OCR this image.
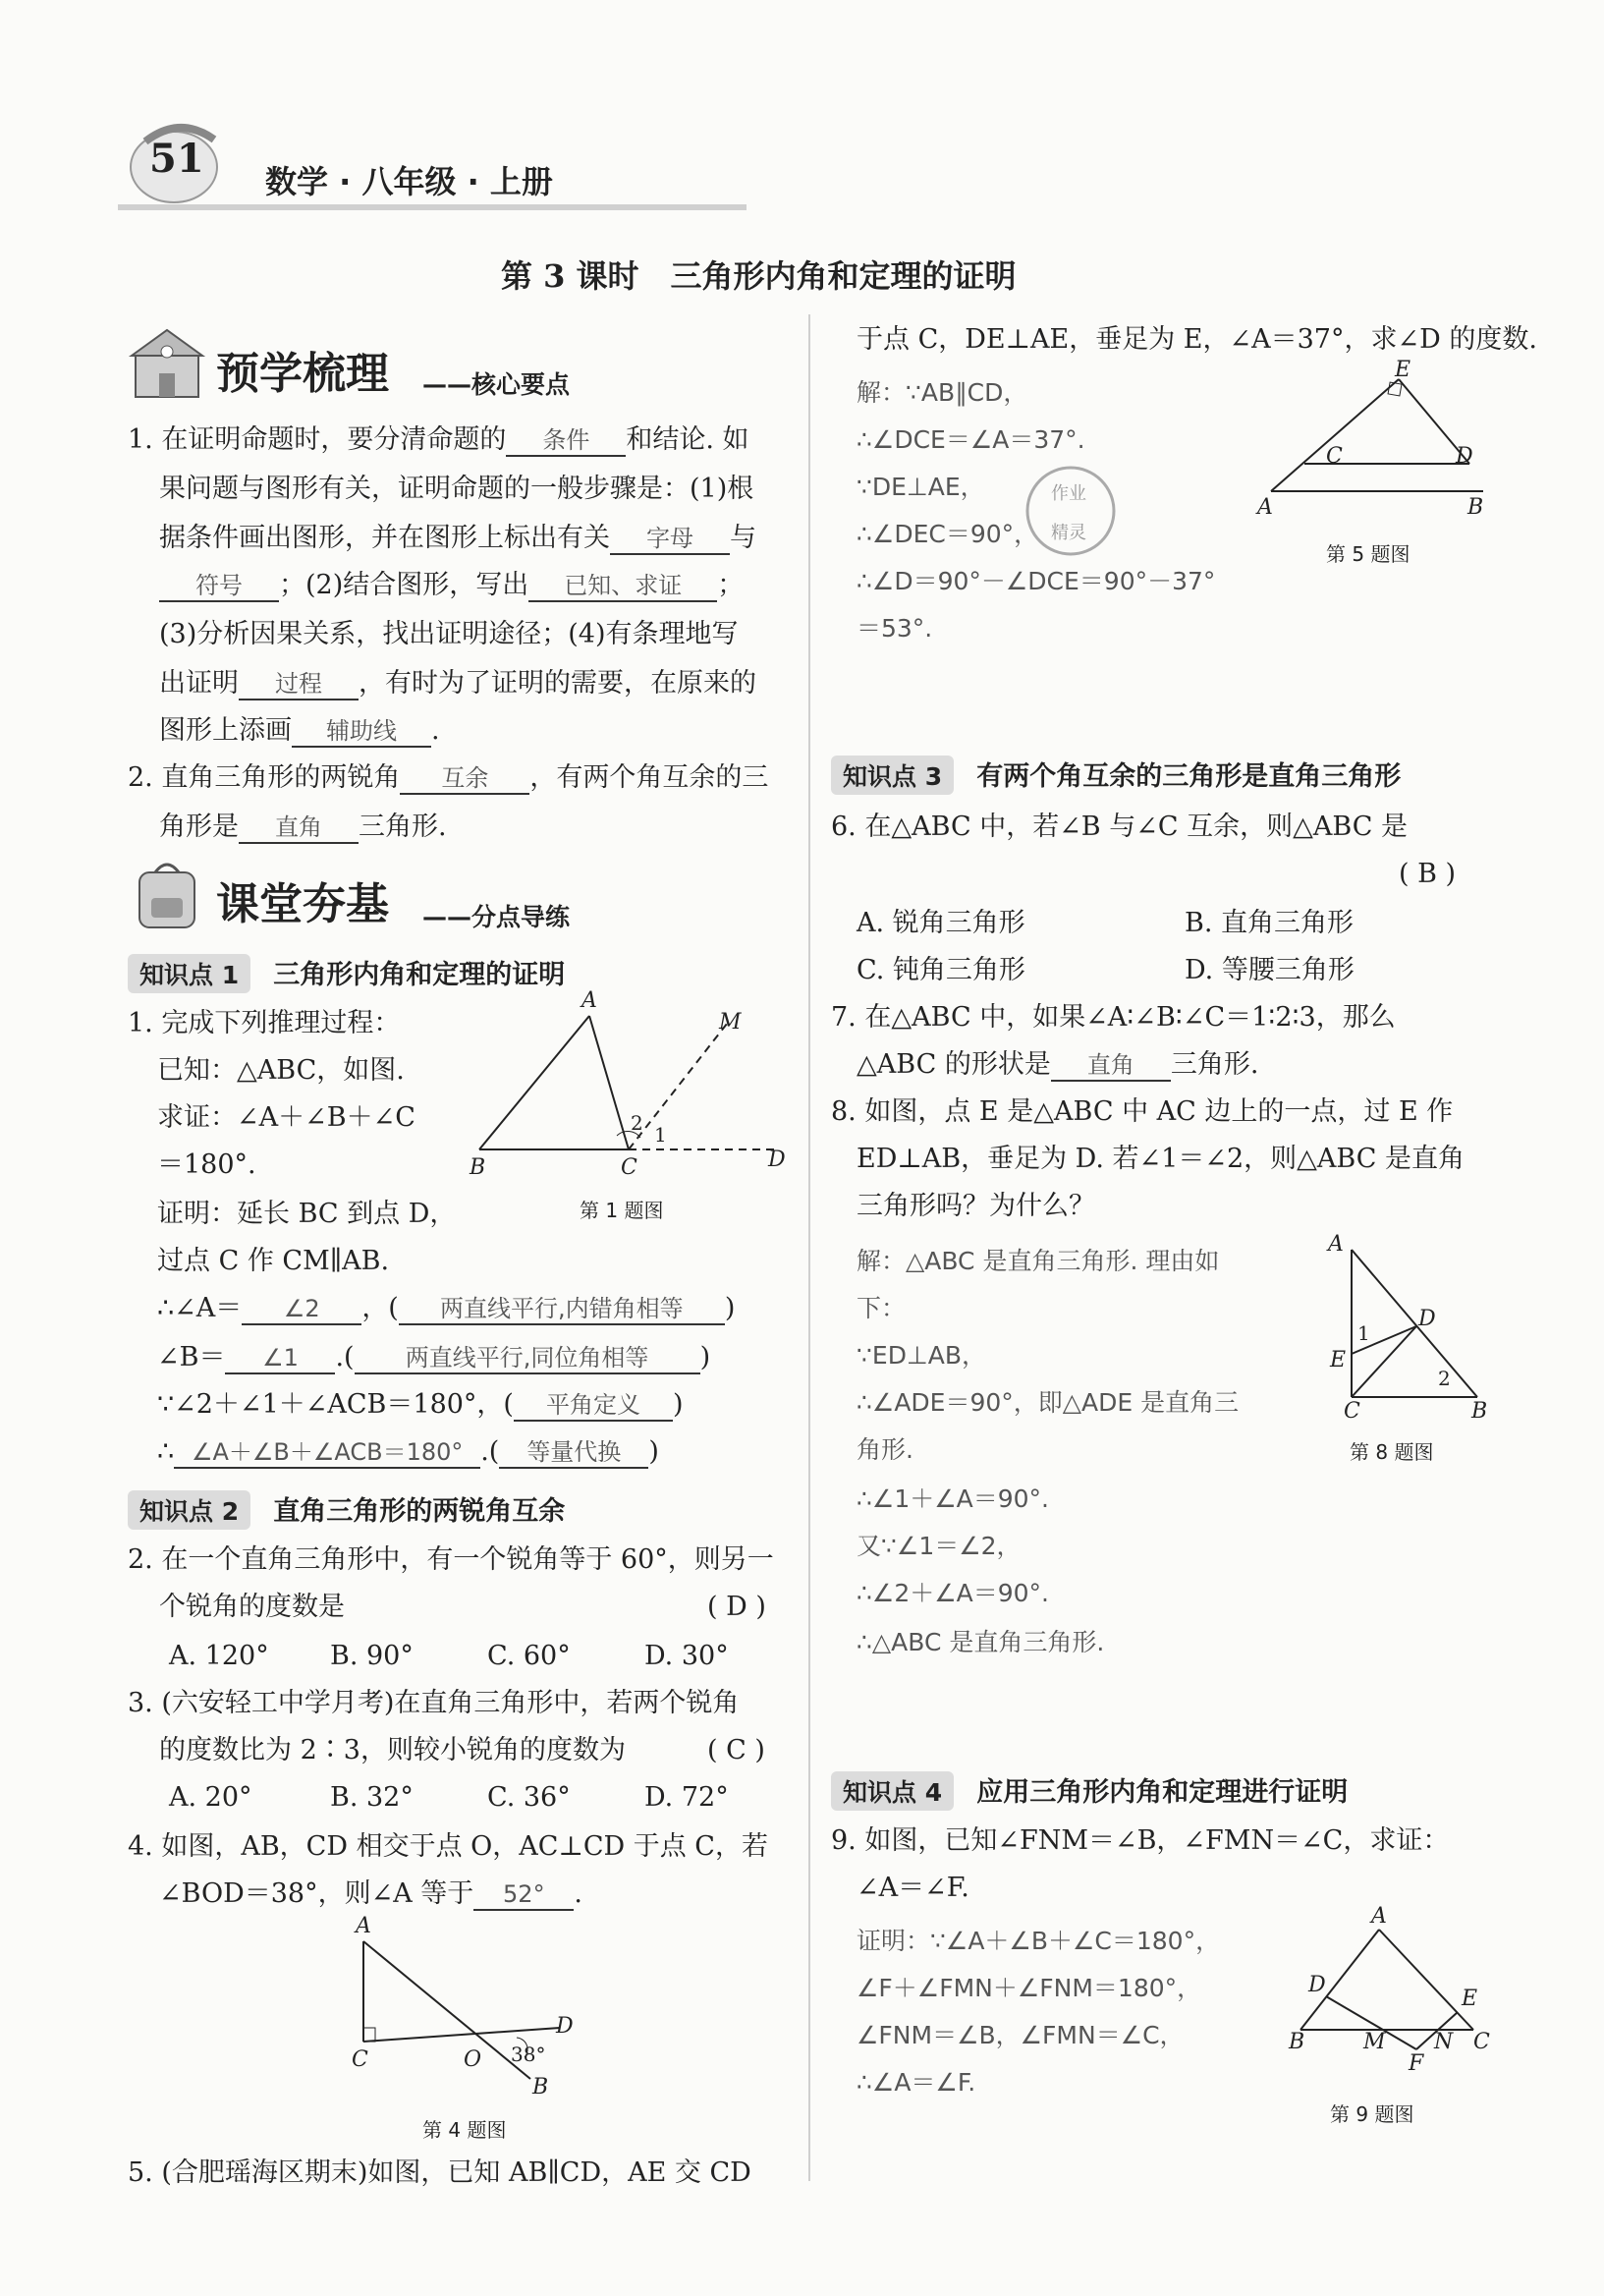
51 数学 · 八年级 · 上册
第 3 课时　三角形内角和定理的证明
预学梳理 ——核心要点
1. 在证明命题时，要分清命题的 条件 和结论. 如
果问题与图形有关，证明命题的一般步骤是：(1)根
据条件画出图形，并在图形上标出有关 字母 与
符号 ；(2)结合图形，写出 已知、求证 ；
(3)分析因果关系，找出证明途径；(4)有条理地写
出证明 过程 ，有时为了证明的需要，在原来的
图形上添画 辅助线 .
2. 直角三角形的两锐角 互余 ，有两个角互余的三
角形是 直角 三角形.
课堂夯基 ——分点导练
知识点 1 三角形内角和定理的证明
1. 完成下列推理过程：
已知：△ABC，如图.
求证：∠A＋∠B＋∠C
＝180°.
证明：延长 BC 到点 D，
过点 C 作 CM∥AB.
∴∠A＝ ∠2 ，( 两直线平行,内错角相等 )
∠B＝ ∠1 .( 两直线平行,同位角相等 )
∵∠2＋∠1＋∠ACB＝180°，( 平角定义 )
∴ ∠A＋∠B＋∠ACB＝180° .( 等量代换 )
A
M
B	C	D
2 1
第 1 题图
知识点 2 直角三角形的两锐角互余
2. 在一个直角三角形中，有一个锐角等于 60°，则另一
个锐角的度数是	( D )
A. 120° B. 90°	C. 60°	D. 30°
3. (六安轻工中学月考)在直角三角形中，若两个锐角
的度数比为 2∶3，则较小锐角的度数为	( C )
A. 20°	B. 32°	C. 36°	D. 72°
4. 如图，AB，CD 相交于点 O，AC⊥CD 于点 C，若
∠BOD＝38°，则∠A 等于 52° .
A
C	O
D
B
38°
第 4 题图
5. (合肥瑶海区期末)如图，已知 AB∥CD，AE 交 CD
于点 C，DE⊥AE，垂足为 E，∠A＝37°，求∠D 的度数.
解：∵AB∥CD，
∴∠DCE＝∠A＝37°.
∵DE⊥AE，
∴∠DEC＝90°，
∴∠D＝90°－∠DCE＝90°－37°
＝53°.
作业
精灵
E
C	D
A	B
第 5 题图
知识点 3 有两个角互余的三角形是直角三角形
6. 在△ABC 中，若∠B 与∠C 互余，则△ABC 是
( B )
A. 锐角三角形	B. 直角三角形
C. 钝角三角形	D. 等腰三角形
7. 在△ABC 中，如果∠A∶∠B∶∠C＝1∶2∶3，那么
△ABC 的形状是 直角 三角形.
8. 如图，点 E 是△ABC 中 AC 边上的一点，过 E 作
ED⊥AB，垂足为 D. 若∠1＝∠2，则△ABC 是直角
三角形吗？为什么？
解：△ABC 是直角三角形. 理由如
下：
∵ED⊥AB，
∴∠ADE＝90°，即△ADE 是直角三
角形.
∴∠1＋∠A＝90°.
又∵∠1＝∠2，
∴∠2＋∠A＝90°.
∴△ABC 是直角三角形.
A
D
E
1
2
C	B
第 8 题图
知识点 4 应用三角形内角和定理进行证明
9. 如图，已知∠FNM＝∠B，∠FMN＝∠C，求证：
∠A＝∠F.
证明：∵∠A＋∠B＋∠C＝180°，
∠F＋∠FMN＋∠FNM＝180°，
∠FNM＝∠B，∠FMN＝∠C，
∴∠A＝∠F.
A
D
E
B	M N C
F
第 9 题图
